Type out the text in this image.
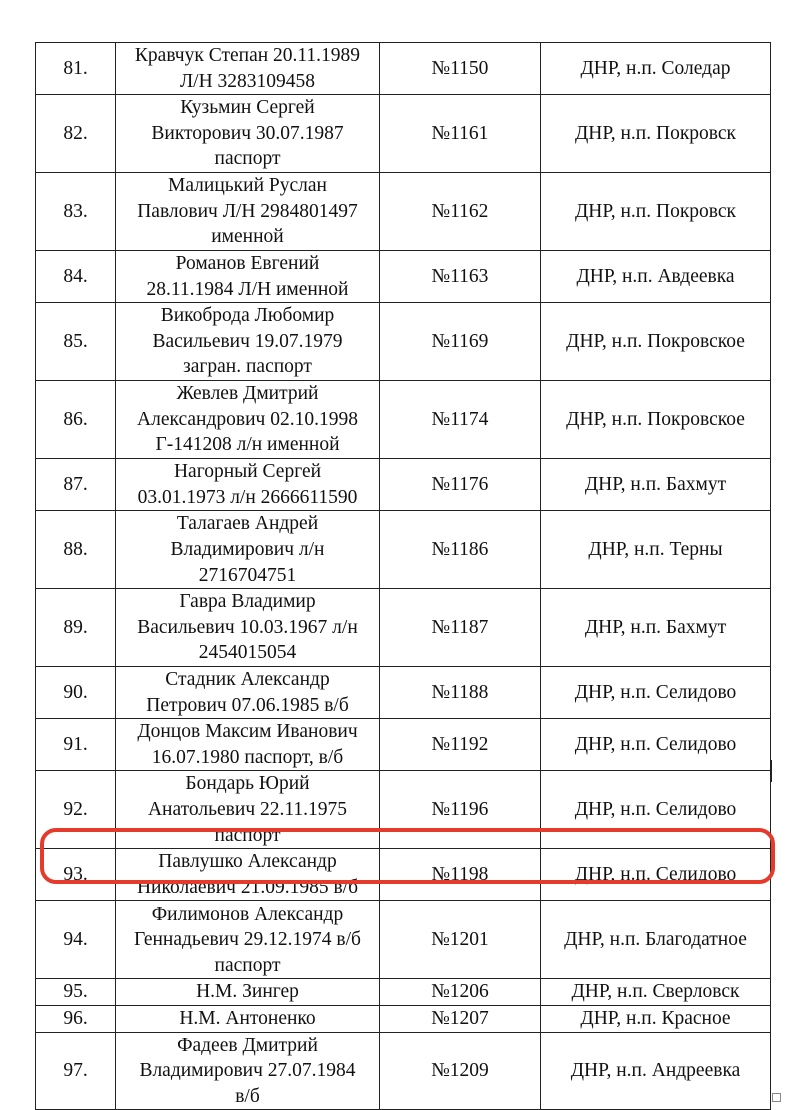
81.	Кравчук Степан 20.11.1989
Л/Н 3283109458	№1150	ДНР, н.п. Соледар
82.	Кузьмин Сергей
Викторович 30.07.1987
паспорт	№1161	ДНР, н.п. Покровск
83.	Малицький Руслан
Павлович Л/Н 2984801497
именной	№1162	ДНР, н.п. Покровск
84.	Романов Евгений
28.11.1984 Л/Н именной	№1163	ДНР, н.п. Авдеевка
85.	Викоброда Любомир
Васильевич 19.07.1979
загран. паспорт	№1169	ДНР, н.п. Покровское
86.	Жевлев Дмитрий
Александрович 02.10.1998
Г-141208 л/н именной	№1174	ДНР, н.п. Покровское
87.	Нагорный Сергей
03.01.1973 л/н 2666611590	№1176	ДНР, н.п. Бахмут
88.	Талагаев Андрей
Владимирович л/н
2716704751	№1186	ДНР, н.п. Терны
89.	Гавра Владимир
Васильевич 10.03.1967 л/н
2454015054	№1187	ДНР, н.п. Бахмут
90.	Стадник Александр
Петрович 07.06.1985 в/б	№1188	ДНР, н.п. Селидово
91.	Донцов Максим Иванович
16.07.1980 паспорт, в/б	№1192	ДНР, н.п. Селидово
92.	Бондарь Юрий
Анатольевич 22.11.1975
паспорт	№1196	ДНР, н.п. Селидово
93.	Павлушко Александр
Николаевич 21.09.1985 в/б	№1198	ДНР, н.п. Селидово
94.	Филимонов Александр
Геннадьевич 29.12.1974 в/б
паспорт	№1201	ДНР, н.п. Благодатное
95.	Н.М. Зингер	№1206	ДНР, н.п. Сверловск
96.	Н.М. Антоненко	№1207	ДНР, н.п. Красное
97.	Фадеев Дмитрий
Владимирович 27.07.1984
в/б	№1209	ДНР, н.п. Андреевка
